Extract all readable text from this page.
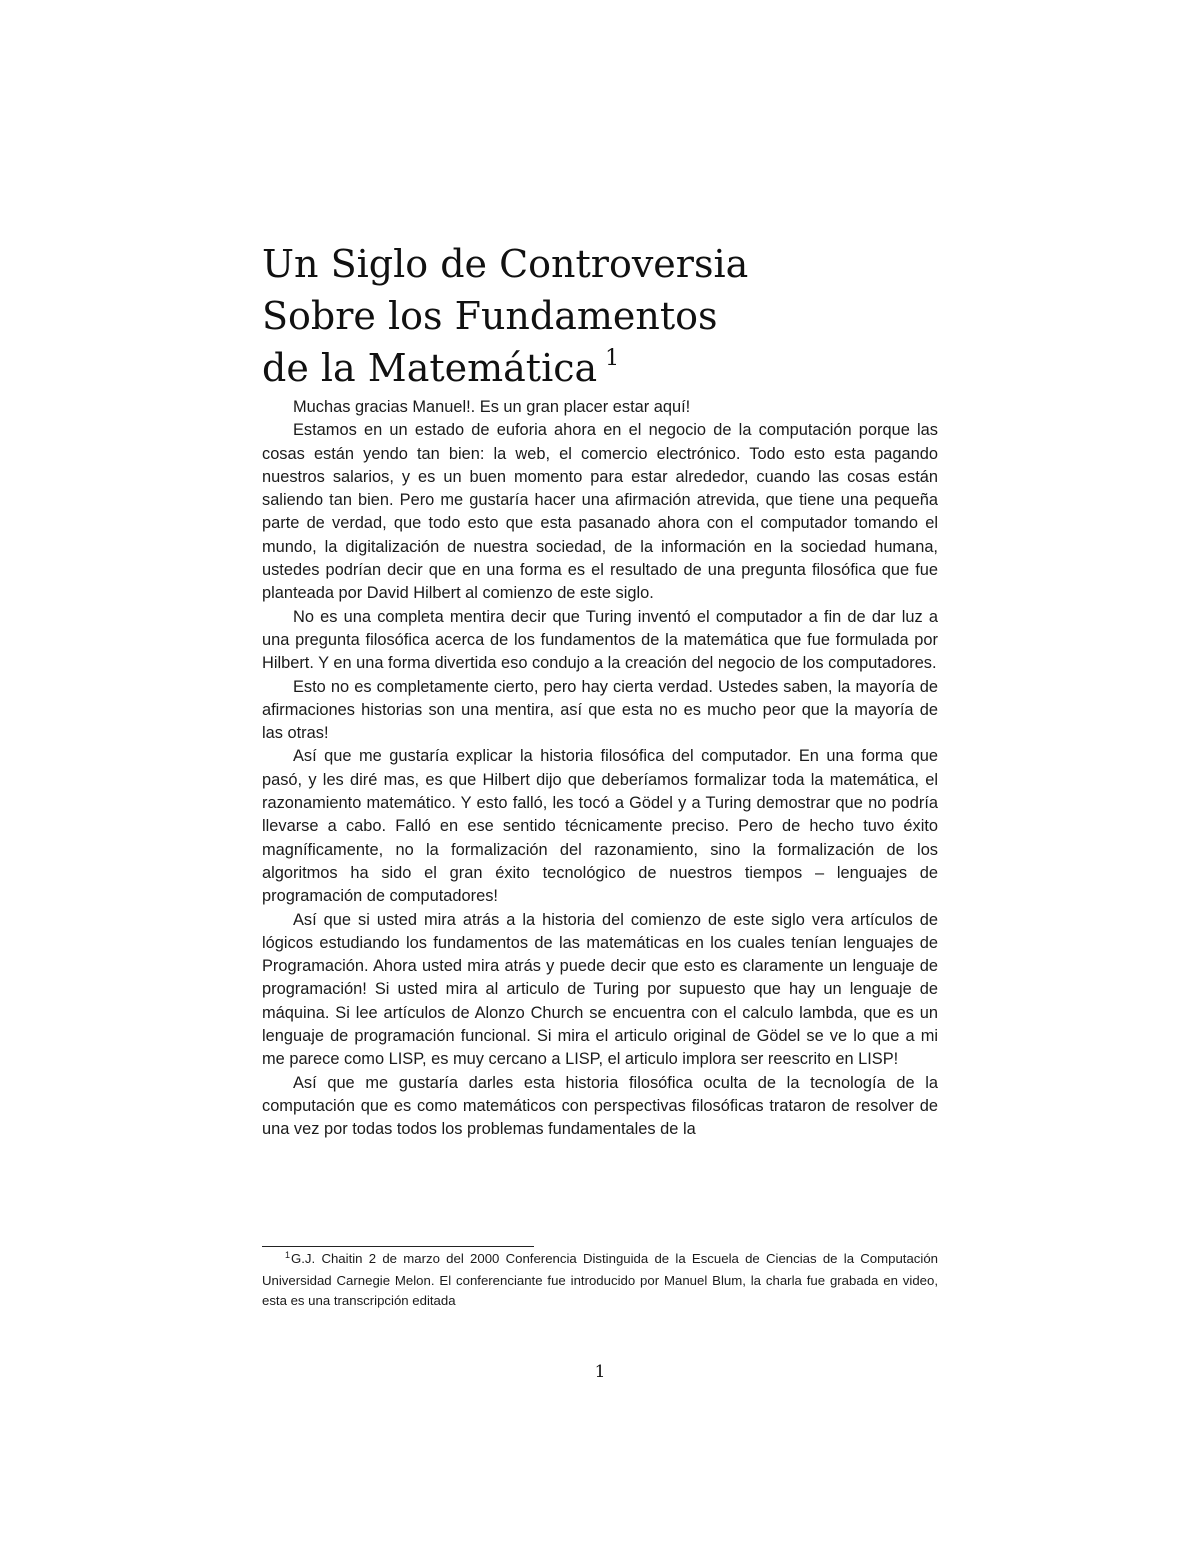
Un Siglo de Controversia
Sobre los Fundamentos
de la Matemática $^1$

Muchas gracias Manuel!. Es un gran placer estar aquí!

Estamos en un estado de euforia ahora en el negocio de la computación porque las cosas están yendo tan bien: la web, el comercio electrónico. Todo esto esta pagando nuestros salarios, y es un buen momento para estar alrededor, cuando las cosas están saliendo tan bien. Pero me gustaría hacer una afirmación atrevida, que tiene una pequeña parte de verdad, que todo esto que esta pasanado ahora con el computador tomando el mundo, la digitalización de nuestra sociedad, de la información en la sociedad humana, ustedes podrían decir que en una forma es el resultado de una pregunta filosófica que fue planteada por David Hilbert al comienzo de este siglo.

No es una completa mentira decir que Turing inventó el computador a fin de dar luz a una pregunta filosófica acerca de los fundamentos de la matemática que fue formulada por Hilbert. Y en una forma divertida eso condujo a la creación del negocio de los computadores.

Esto no es completamente cierto, pero hay cierta verdad. Ustedes saben, la mayoría de afirmaciones historias son una mentira, así que esta no es mucho peor que la mayoría de las otras!

Así que me gustaría explicar la historia filosófica del computador. En una forma que pasó, y les diré mas, es que Hilbert dijo que deberíamos formalizar toda la matemática, el razonamiento matemático. Y esto falló, les tocó a Gödel y a Turing demostrar que no podría llevarse a cabo. Falló en ese sentido técnicamente preciso. Pero de hecho tuvo éxito magníficamente, no la formalización del razonamiento, sino la formalización de los algoritmos ha sido el gran éxito tecnológico de nuestros tiempos – lenguajes de programación de computadores!

Así que si usted mira atrás a la historia del comienzo de este siglo vera artículos de lógicos estudiando los fundamentos de las matemáticas en los cuales tenían lenguajes de Programación. Ahora usted mira atrás y puede decir que esto es claramente un lenguaje de programación! Si usted mira al articulo de Turing por supuesto que hay un lenguaje de máquina. Si lee artículos de Alonzo Church se encuentra con el calculo lambda, que es un lenguaje de programación funcional. Si mira el articulo original de Gödel se ve lo que a mi me parece como LISP, es muy cercano a LISP, el articulo implora ser reescrito en LISP!

Así que me gustaría darles esta historia filosófica oculta de la tecnología de la computación que es como matemáticos con perspectivas filosóficas trataron de resolver de una vez por todas todos los problemas fundamentales de la

$^1$G.J. Chaitin 2 de marzo del 2000 Conferencia Distinguida de la Escuela de Ciencias de la Computación Universidad Carnegie Melon. El conferenciante fue introducido por Manuel Blum, la charla fue grabada en video, esta es una transcripción editada
1
